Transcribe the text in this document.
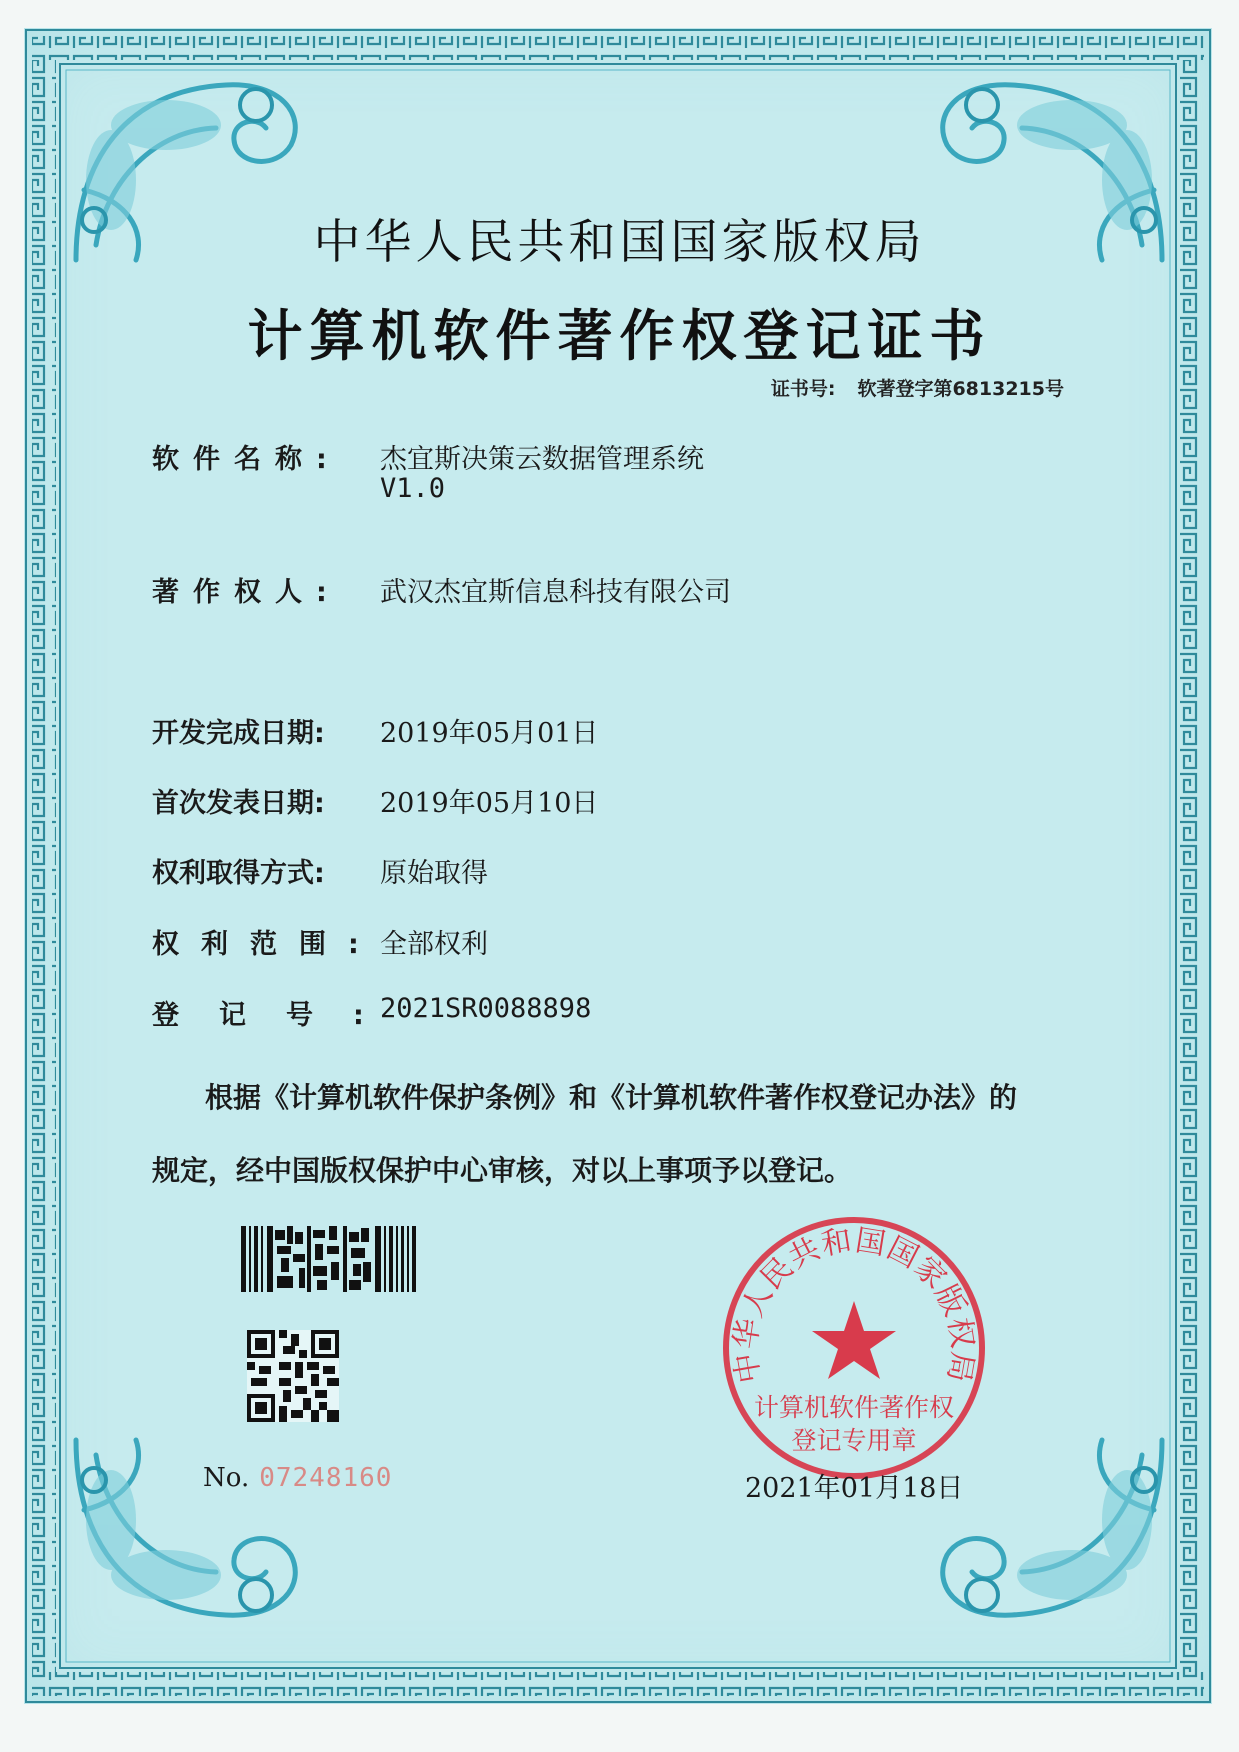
中华人民共和国国家版权局
计算机软件著作权登记证书
证书号: 软著登字第6813215号
软件名称: 杰宜斯决策云数据管理系统
V1.0
著作权人: 武汉杰宜斯信息科技有限公司
开发完成日期: 2019年05月01日
首次发表日期: 2019年05月10日
权利取得方式: 原始取得
权利范围: 全部权利
登记号:
2021SR0088898
根据《计算机软件保护条例》和《计算机软件著作权登记办法》的
规定，经中国版权保护中心审核，对以上事项予以登记。
No. 07248160
中华人民共和国国家版权局
计算机软件著作权
登记专用章
2021年01月18日
